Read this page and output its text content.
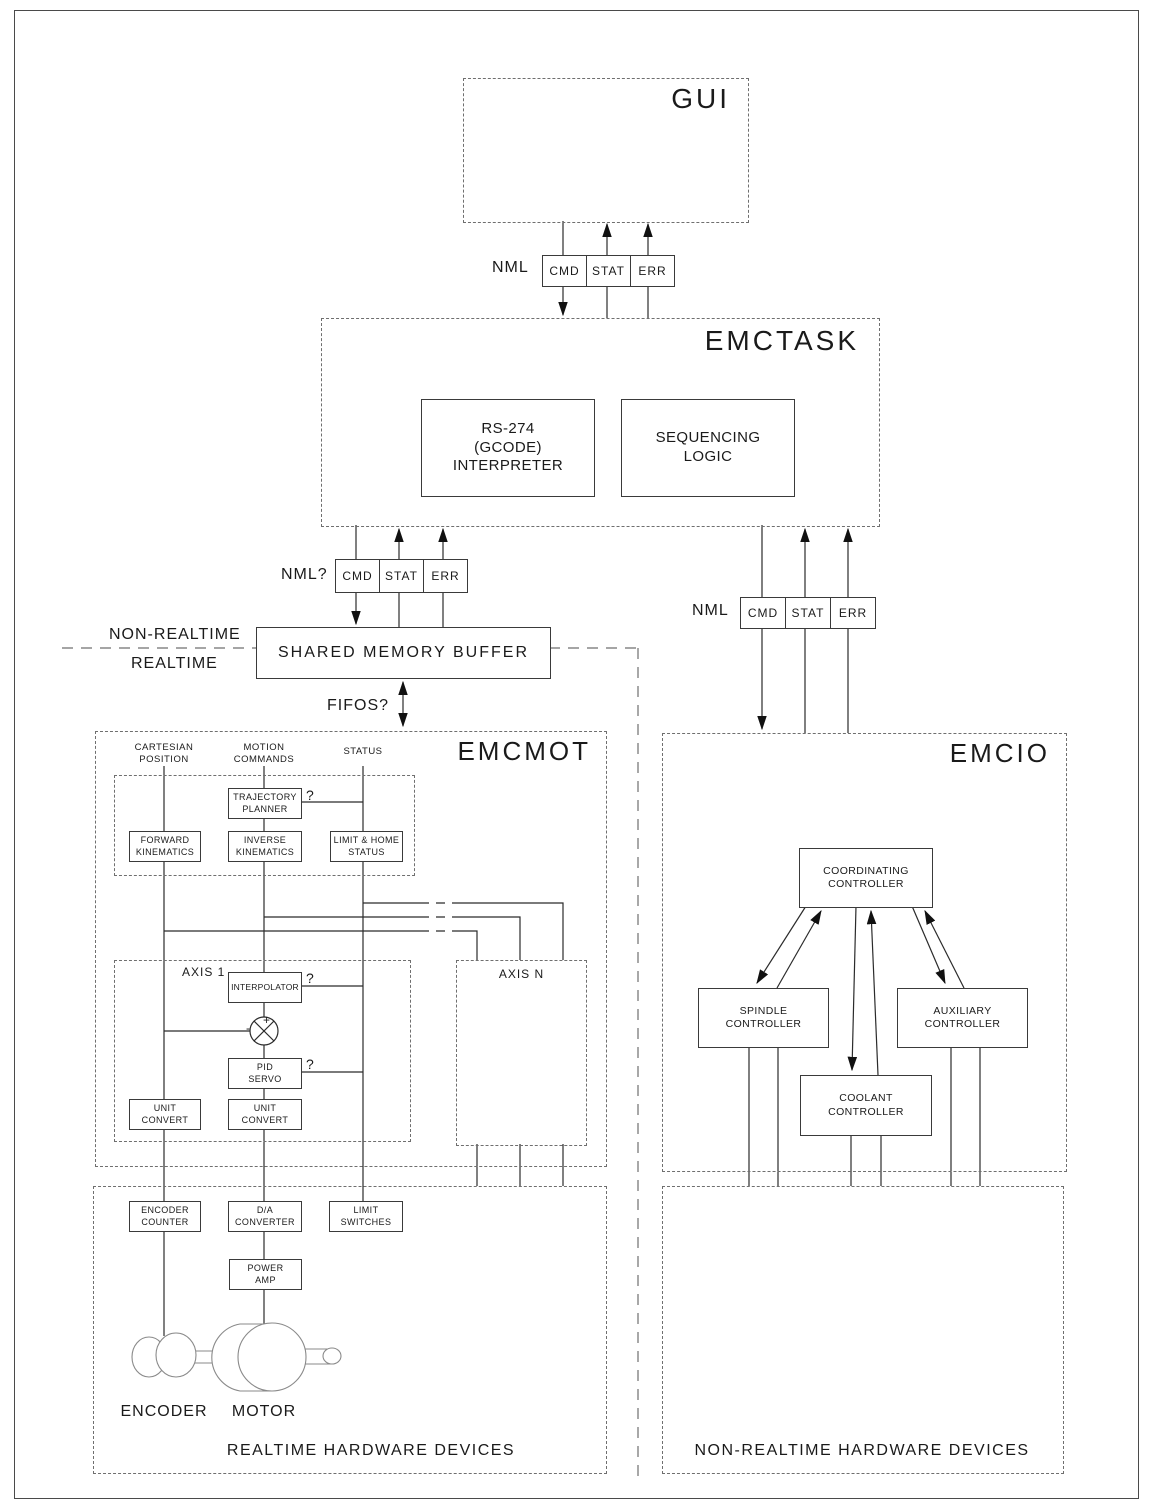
GUI
NML	CMD	STAT	ERR
EMCTASK
RS-274
(GCODE)
INTERPRETER
SEQUENCING
LOGIC
NML?	CMD	STAT	ERR
NML	CMD	STAT	ERR
NON-REALTIME
REALTIME
SHARED MEMORY BUFFER
FIFOS?
EMCMOT
CARTESIAN
POSITION
MOTION
COMMANDS
STATUS
TRAJECTORY
PLANNER
?
FORWARD
KINEMATICS
INVERSE
KINEMATICS
LIMIT & HOME
STATUS
AXIS 1
INTERPOLATOR
?
+
-
PID
SERVO
?
UNIT
CONVERT
UNIT
CONVERT
AXIS N
ENCODER
COUNTER
D/A
CONVERTER
LIMIT
SWITCHES
POWER
AMP
ENCODER	MOTOR
REALTIME HARDWARE DEVICES
EMCIO
COORDINATING
CONTROLLER
SPINDLE
CONTROLLER
AUXILIARY
CONTROLLER
COOLANT
CONTROLLER
NON-REALTIME HARDWARE DEVICES
